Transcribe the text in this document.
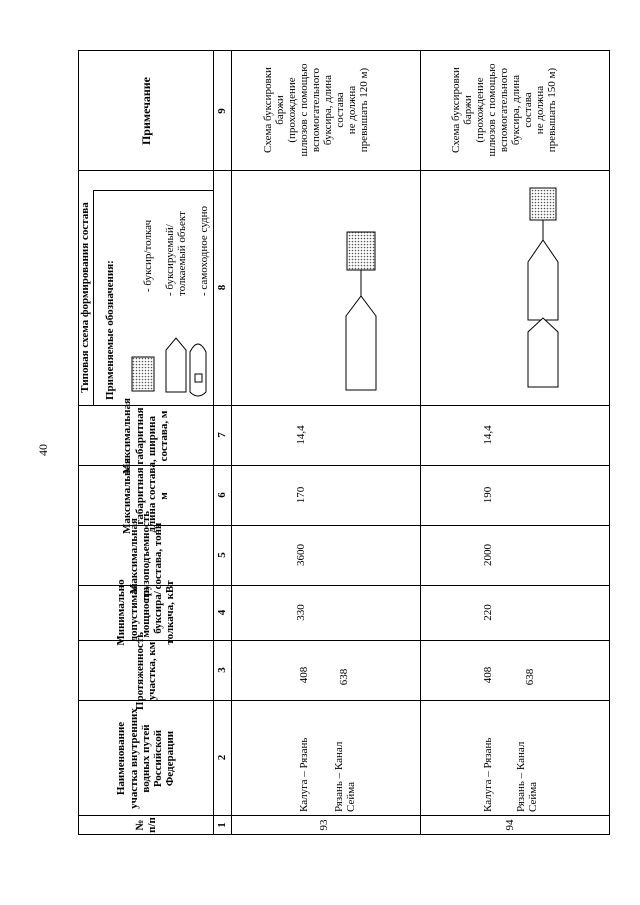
40
Примечание
Типовая схема формирования состава
Максимальная габаритная ширина состава, м
Максимальная габаритная длина состава, м
Максимальная грузоподъемность состава, тонн
Минимально допустимая мощность буксира/толкача, кВт
Протяженность участка, км
Наименование участка внутренних водных путей Российской Федерации
№ п/п
Применяемые обозначения:
- буксир/толкач
- буксируемый/
толкаемый объект - самоходное судно
9
8
7
6
5
4
3
2
1
Схема буксировки
баржи
(прохождение
шлюзов с помощью
вспомогательного
буксира, длина
состава
не должна
превышать 120 м)
14,4
170
3600
330
408	638
Калуга – Рязань Рязань – Канал
Сейма
93
Схема буксировки
баржи
(прохождение
шлюзов с помощью
вспомогательного
буксира, длина
состава
не должна
превышать 150 м)
14,4
190
2000
220
408	638
Калуга – Рязань Рязань – Канал
Сейма
94
